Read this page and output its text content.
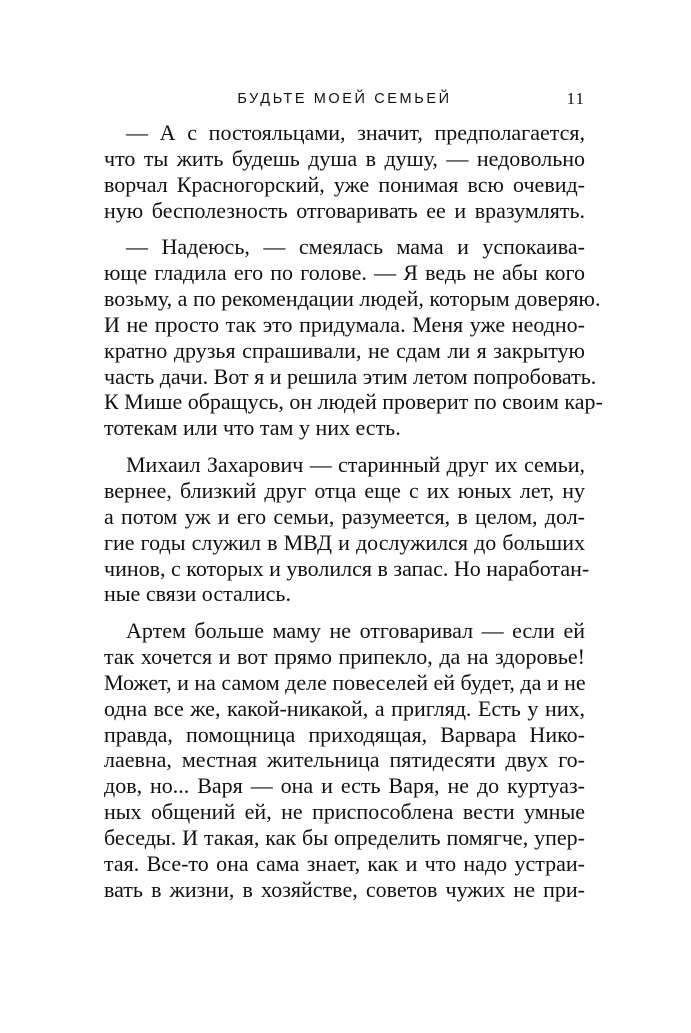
БУДЬТЕ МОЕЙ СЕМЬЕЙ	11

— А с постояльцами, значит, предполагается,
что ты жить будешь душа в душу, — недовольно
ворчал Красногорский, уже понимая всю очевид-
ную бесполезность отговаривать ее и вразумлять.

— Надеюсь, — смеялась мама и успокаива-
юще гладила его по голове. — Я ведь не абы кого
возьму, а по рекомендации людей, которым доверяю.
И не просто так это придумала. Меня уже неодно-
кратно друзья спрашивали, не сдам ли я закрытую
часть дачи. Вот я и решила этим летом попробовать.
К Мише обращусь, он людей проверит по своим кар-
тотекам или что там у них есть.

Михаил Захарович — старинный друг их семьи,
вернее, близкий друг отца еще с их юных лет, ну
а потом уж и его семьи, разумеется, в целом, дол-
гие годы служил в МВД и дослужился до больших
чинов, с которых и уволился в запас. Но наработан-
ные связи остались.

Артем больше маму не отговаривал — если ей
так хочется и вот прямо припекло, да на здоровье!
Может, и на самом деле повеселей ей будет, да и не
одна все же, какой-никакой, а пригляд. Есть у них,
правда, помощница приходящая, Варвара Нико-
лаевна, местная жительница пятидесяти двух го-
дов, но... Варя — она и есть Варя, не до куртуаз-
ных общений ей, не приспособлена вести умные
беседы. И такая, как бы определить помягче, упер-
тая. Все-то она сама знает, как и что надо устраи-
вать в жизни, в хозяйстве, советов чужих не при-
